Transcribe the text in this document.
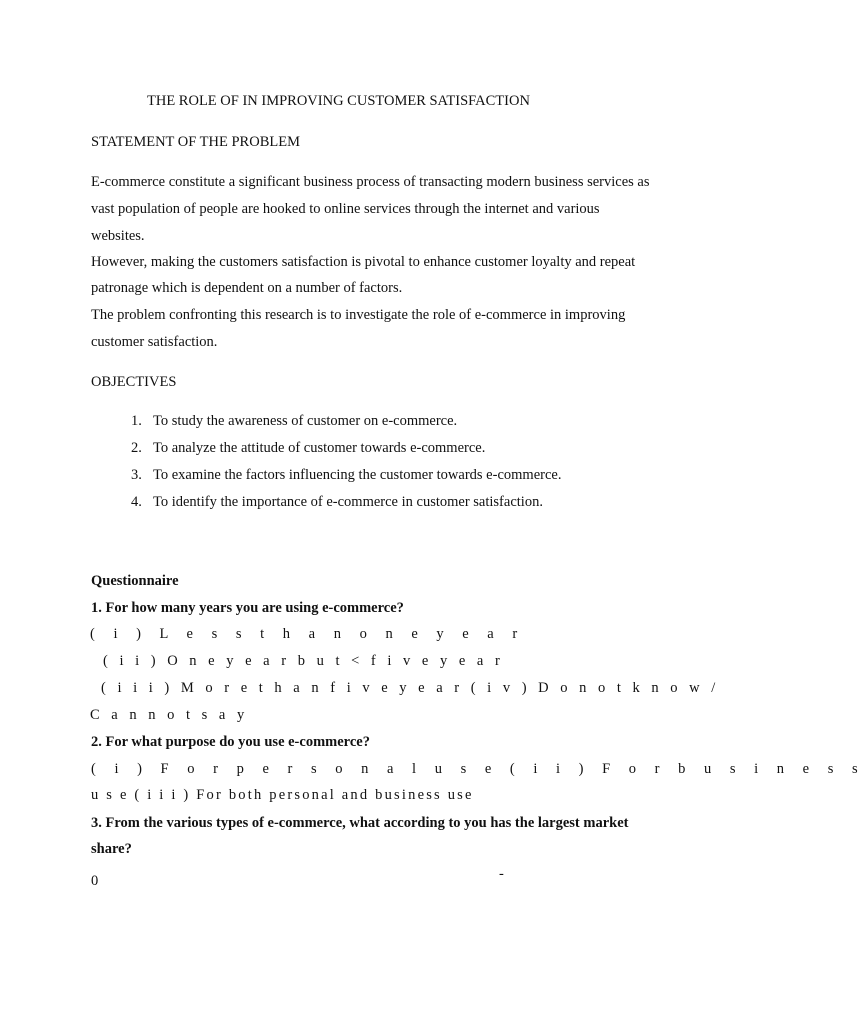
THE ROLE OF IN IMPROVING CUSTOMER SATISFACTION
STATEMENT OF THE PROBLEM
E-commerce constitute a significant business process of transacting modern business services as
vast population of people are hooked to online services through the internet and various
websites.
However, making the customers satisfaction is pivotal to enhance customer loyalty and repeat
patronage which is dependent on a number of factors.
The problem confronting this research is to investigate the role of e-commerce in improving
customer satisfaction.
OBJECTIVES
1. To study the awareness of customer on e-commerce.
2. To analyze the attitude of customer towards e-commerce.
3. To examine the factors influencing the customer towards e-commerce.
4. To identify the importance of e-commerce in customer satisfaction.
Questionnaire
1. For how many years you are using e-commerce?
( i ) L e s s t h a n o n e y e a r
( i i ) O n e y e a r b u t < f i v e y e a r
( i i i ) M o r e t h a n f i v e y e a r ( i v ) D o n o t k n o w /
C a n n o t s a y
2. For what purpose do you use e-commerce?
( i ) F o r p e r s o n a l u s e ( i i ) F o r b u s i n e s s
u s e ( i i i ) For both personal and business use
3. From the various types of e-commerce, what according to you has the largest market
share?
-
0
